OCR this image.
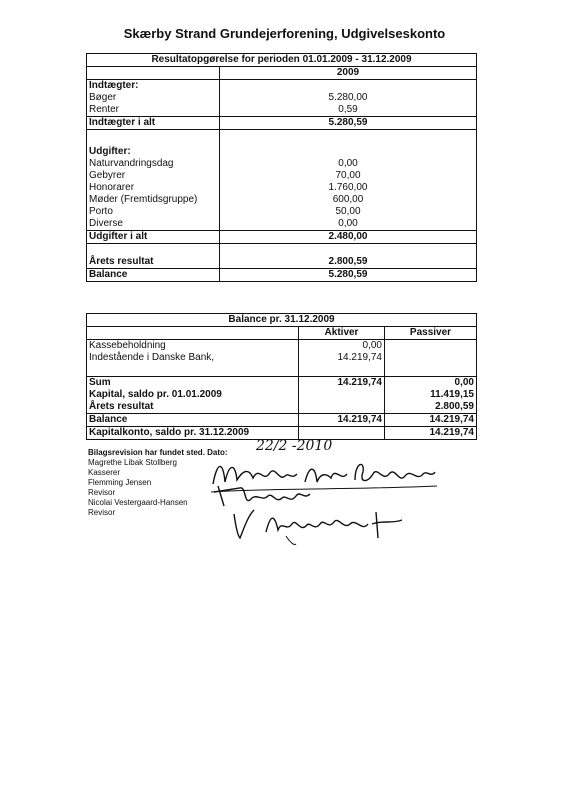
Skærby Strand Grundejerforening, Udgivelseskonto
Resultatopgørelse for perioden 01.01.2009 - 31.12.2009	
	2009
Indtægter:	
Bøger	5.280,00
Renter	0,59
Indtægter i alt	5.280,59

Udgifter:	
Naturvandringsdag	0,00
Gebyrer	70,00
Honorarer	1.760,00
Møder (Fremtidsgruppe)	600,00
Porto	50,00
Diverse	0,00
Udgifter i alt	2.480,00

Årets resultat	2.800,59
Balance	5.280,59
Balance pr. 31.12.2009		
	Aktiver	Passiver
Kassebeholdning	0,00	
Indestående i Danske Bank,	14.219,74	

Sum	14.219,74	0,00
Kapital, saldo pr. 01.01.2009		11.419,15
Årets resultat		2.800,59
Balance	14.219,74	14.219,74
Kapitalkonto, saldo pr. 31.12.2009		14.219,74
Bilagsrevision har fundet sted. Dato:
Magrethe Libak Stollberg
Kasserer
Flemming Jensen
Revisor
Nicolai Vestergaard-Hansen
Revisor
22/2 -2010
